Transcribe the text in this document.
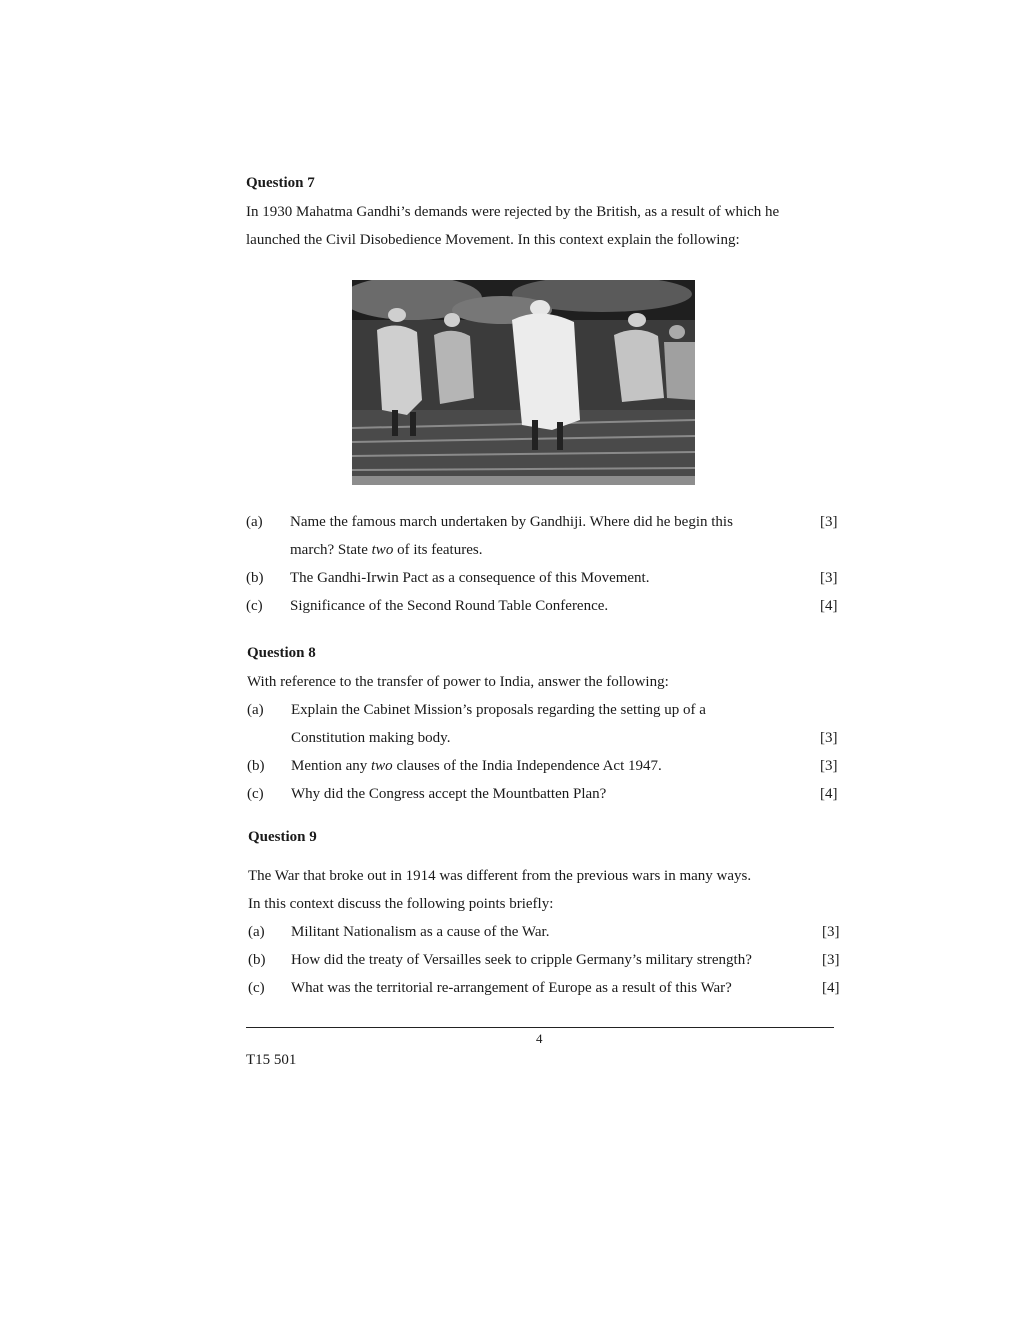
Question 7
In 1930 Mahatma Gandhi’s demands were rejected by the British, as a result of which he launched the Civil Disobedience Movement. In this context explain the following:
(a) Name the famous march undertaken by Gandhiji. Where did he begin this	[3]
march? State two of its features.
(b) The Gandhi-Irwin Pact as a consequence of this Movement.	[3]
(c) Significance of the Second Round Table Conference.	[4]
Question 8
With reference to the transfer of power to India, answer the following:
(a) Explain the Cabinet Mission’s proposals regarding the setting up of a
Constitution making body.	[3]
(b) Mention any two clauses of the India Independence Act 1947.	[3]
(c) Why did the Congress accept the Mountbatten Plan?	[4]
Question 9
The War that broke out in 1914 was different from the previous wars in many ways.
In this context discuss the following points briefly:
(a) Militant Nationalism as a cause of the War.	[3]
(b) How did the treaty of Versailles seek to cripple Germany’s military strength?	[3]
(c) What was the territorial re-arrangement of Europe as a result of this War?	[4]
4
T15 501
